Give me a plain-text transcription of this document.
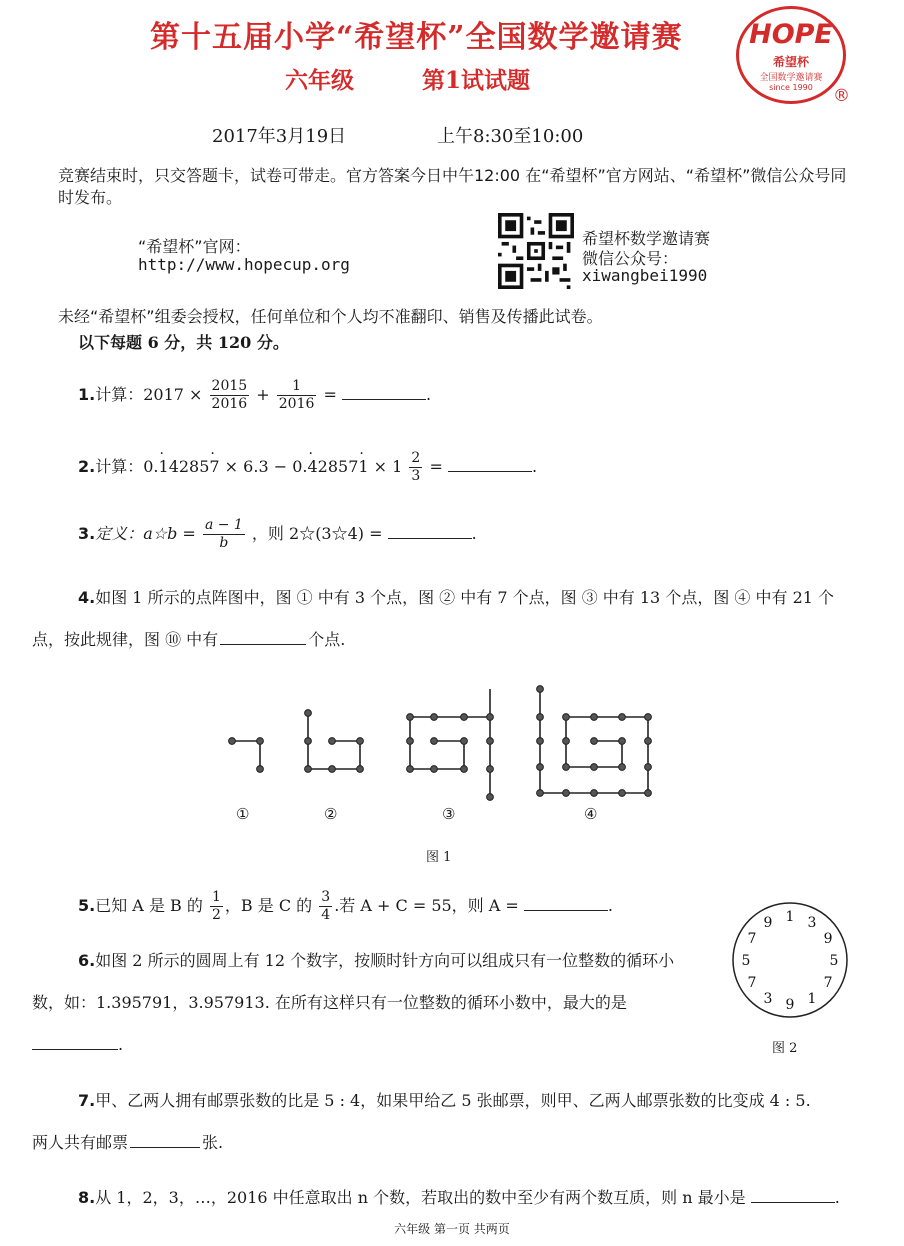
第十五届小学“希望杯”全国数学邀请赛
六年级	第1试试题
HOPE
希望杯
全国数学邀请赛
since 1990	®
2017年3月19日	上午8:30至10:00
竞赛结束时，只交答题卡，试卷可带走。官方答案今日中午12:00 在“希望杯”官方网站、“希望杯”微信公众号同时发布。
“希望杯”官网：
http://www.hopecup.org
希望杯数学邀请赛
微信公众号：
xiwangbei1990
未经“希望杯”组委会授权，任何单位和个人均不准翻印、销售及传播此试卷。
以下每题 6 分，共 120 分。
1.计算：$2017 \times \frac{2015}{2016} + \frac{1}{2016}$ =	.
2.计算：$0.\cdot 14285\cdot 7 \times 6.3 - 0.\cdot 42857\cdot 1 \times 1 \frac{2}{3}$ =	.
3.定义：a☆b = $\frac{a - 1}{b}$ ，则 2☆(3☆4) =	.
4.如图 1 所示的点阵图中，图 ① 中有 3 个点，图 ② 中有 7 个点，图 ③ 中有 13 个点，图 ④ 中有 21 个
点，按此规律，图 ⑩ 中有	个点.
①	②	③	④
图 1
5.已知 A 是 B 的 $\frac{1}{2}$ ，B 是 C 的 $\frac{3}{4}$ .若 A + C = 55，则 A =	.
1 3
9
5
7
1
9
3
7
5
7
9
图 2
6.如图 2 所示的圆周上有 12 个数字，按顺时针方向可以组成只有一位整数的循环小
数，如：1.395791，3.957913. 在所有这样只有一位整数的循环小数中，最大的是
.
7.甲、乙两人拥有邮票张数的比是 5 : 4，如果甲给乙 5 张邮票，则甲、乙两人邮票张数的比变成 4 : 5.
两人共有邮票	张.
8.从 1，2，3，…，2016 中任意取出 n 个数，若取出的数中至少有两个数互质，则 n 最小是	.
六年级 第一页 共两页
